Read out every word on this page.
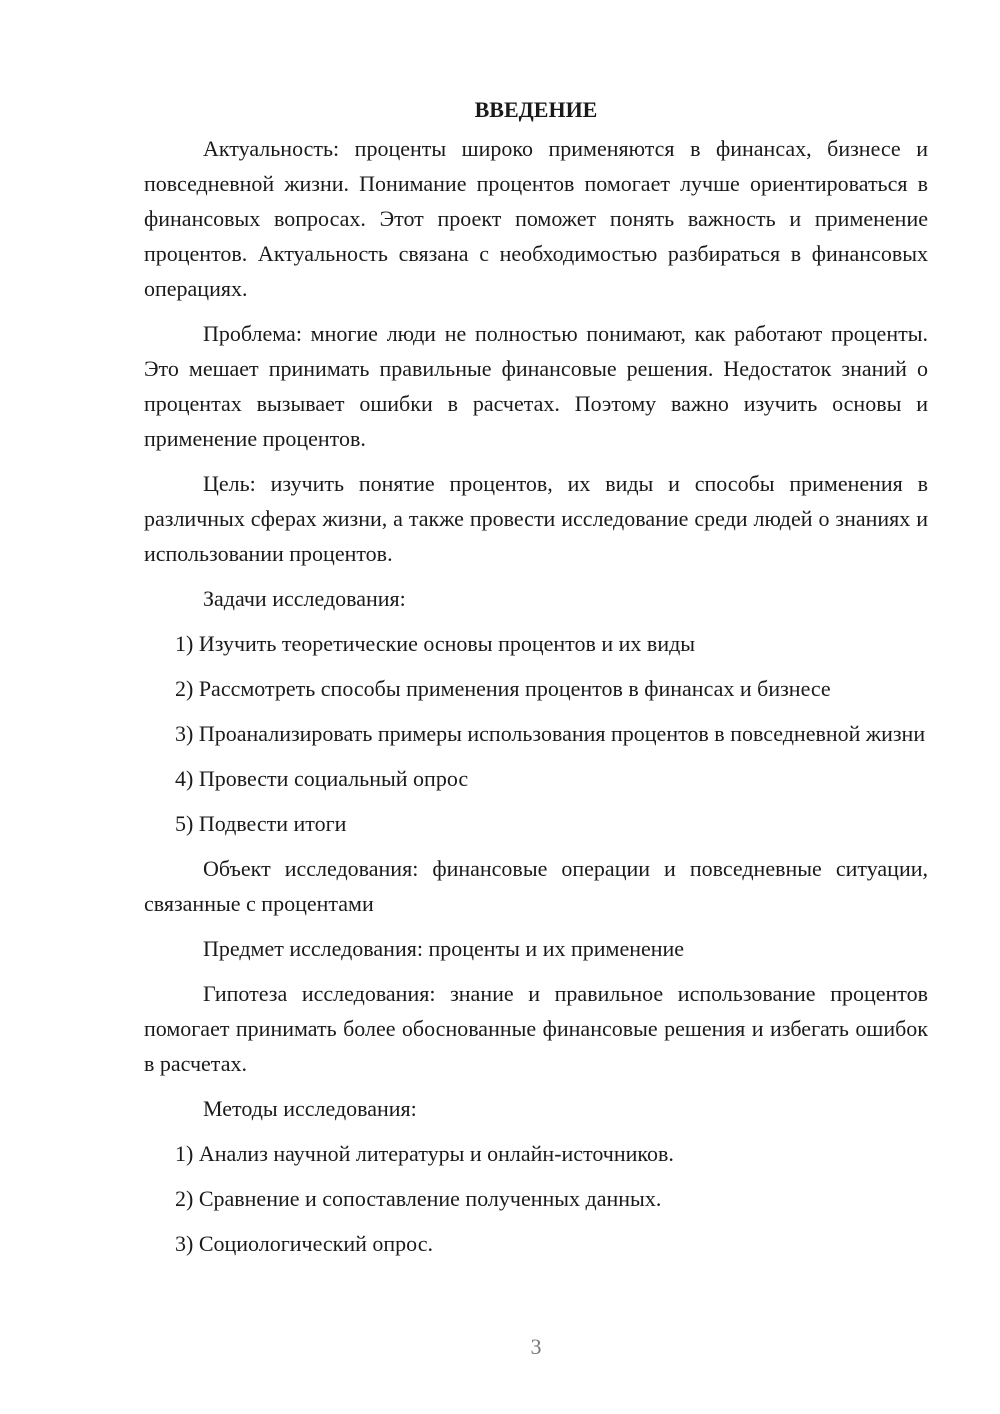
ВВЕДЕНИЕ

Актуальность: проценты широко применяются в финансах, бизнесе и повседневной жизни. Понимание процентов помогает лучше ориентироваться в финансовых вопросах. Этот проект поможет понять важность и применение процентов. Актуальность связана с необходимостью разбираться в финансовых операциях.

Проблема: многие люди не полностью понимают, как работают проценты. Это мешает принимать правильные финансовые решения. Недостаток знаний о процентах вызывает ошибки в расчетах. Поэтому важно изучить основы и применение процентов.

Цель: изучить понятие процентов, их виды и способы применения в различных сферах жизни, а также провести исследование среди людей о знаниях и использовании процентов.

Задачи исследования:

1) Изучить теоретические основы процентов и их виды

2) Рассмотреть способы применения процентов в финансах и бизнесе

3) Проанализировать примеры использования процентов в повседневной жизни

4) Провести социальный опрос

5) Подвести итоги

Объект исследования: финансовые операции и повседневные ситуации, связанные с процентами

Предмет исследования: проценты и их применение

Гипотеза исследования: знание и правильное использование процентов помогает принимать более обоснованные финансовые решения и избегать ошибок в расчетах.

Методы исследования:

1) Анализ научной литературы и онлайн-источников.

2) Сравнение и сопоставление полученных данных.

3) Социологический опрос.

3
